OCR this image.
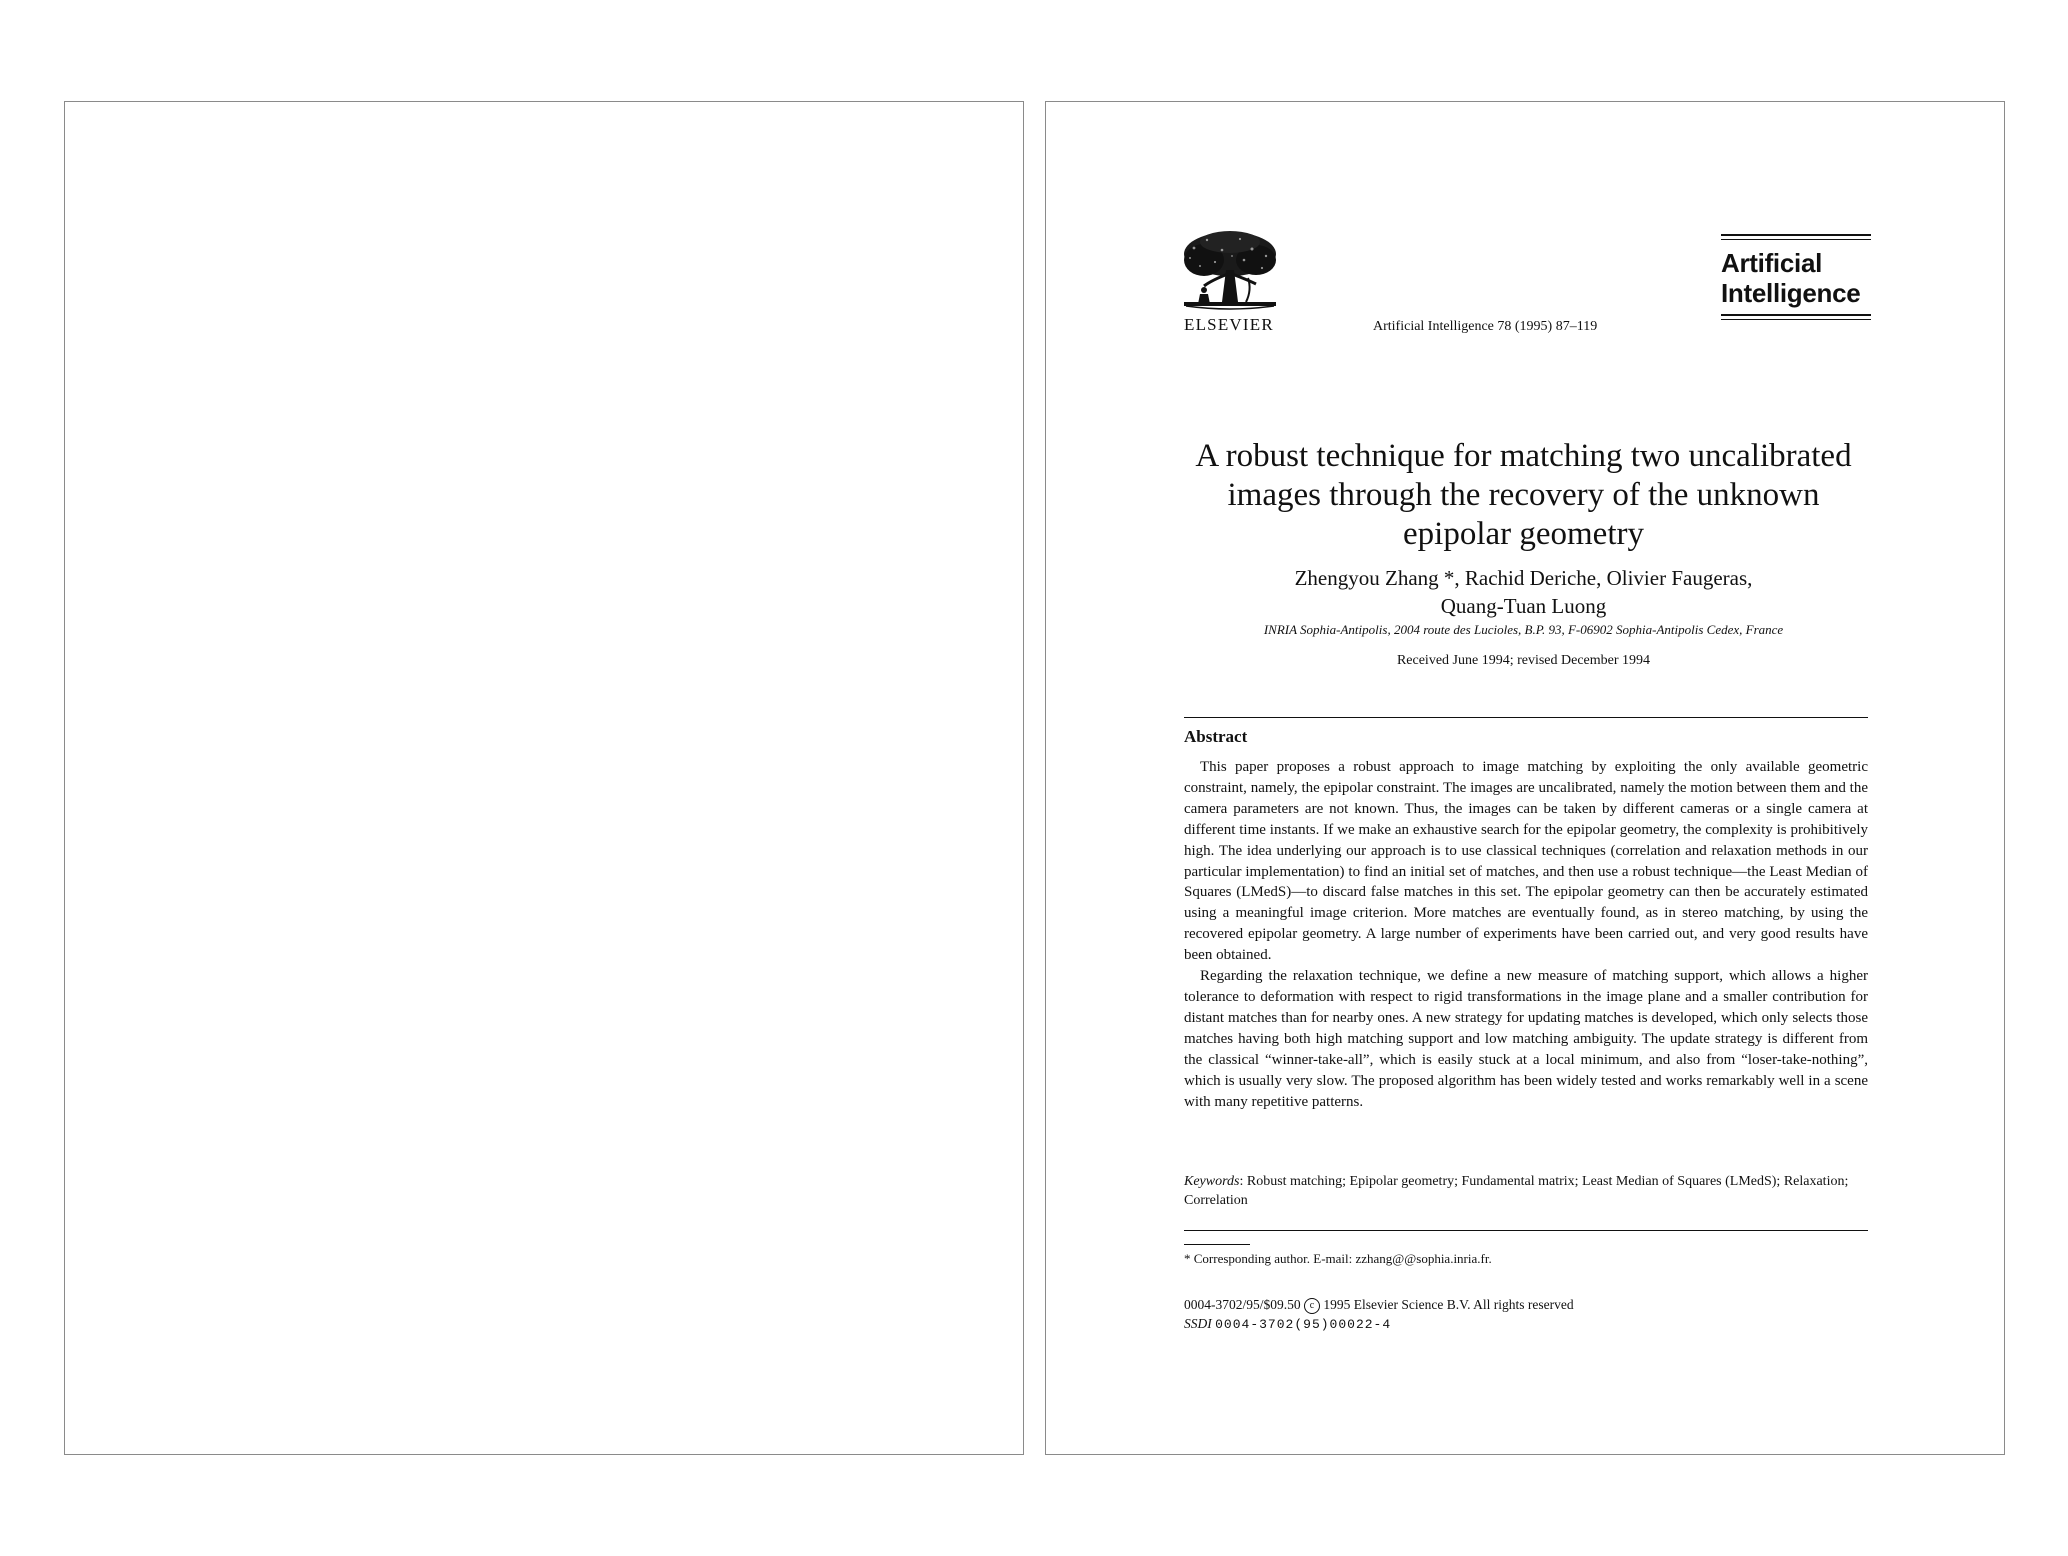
ELSEVIER	Artificial Intelligence 78 (1995) 87–119
Artificial
Intelligence
A robust technique for matching two uncalibrated
images through the recovery of the unknown
epipolar geometry
Zhengyou Zhang *, Rachid Deriche, Olivier Faugeras,
Quang-Tuan Luong
INRIA Sophia-Antipolis, 2004 route des Lucioles, B.P. 93, F-06902 Sophia-Antipolis Cedex, France
Received June 1994; revised December 1994
Abstract

This paper proposes a robust approach to image matching by exploiting the only available geometric constraint, namely, the epipolar constraint. The images are uncalibrated, namely the motion between them and the camera parameters are not known. Thus, the images can be taken by different cameras or a single camera at different time instants. If we make an exhaustive search for the epipolar geometry, the complexity is prohibitively high. The idea underlying our approach is to use classical techniques (correlation and relaxation methods in our particular implementation) to find an initial set of matches, and then use a robust technique—the Least Median of Squares (LMedS)—to discard false matches in this set. The epipolar geometry can then be accurately estimated using a meaningful image criterion. More matches are eventually found, as in stereo matching, by using the recovered epipolar geometry. A large number of experiments have been carried out, and very good results have been obtained.

Regarding the relaxation technique, we define a new measure of matching support, which allows a higher tolerance to deformation with respect to rigid transformations in the image plane and a smaller contribution for distant matches than for nearby ones. A new strategy for updating matches is developed, which only selects those matches having both high matching support and low matching ambiguity. The update strategy is different from the classical “winner-take-all”, which is easily stuck at a local minimum, and also from “loser-take-nothing”, which is usually very slow. The proposed algorithm has been widely tested and works remarkably well in a scene with many repetitive patterns.

Keywords: Robust matching; Epipolar geometry; Fundamental matrix; Least Median of Squares (LMedS); Relaxation; Correlation
* Corresponding author. E-mail: zzhang@@sophia.inria.fr.
0004-3702/95/$09.50 c 1995 Elsevier Science B.V. All rights reserved
SSDI 0004-3702(95)00022-4
